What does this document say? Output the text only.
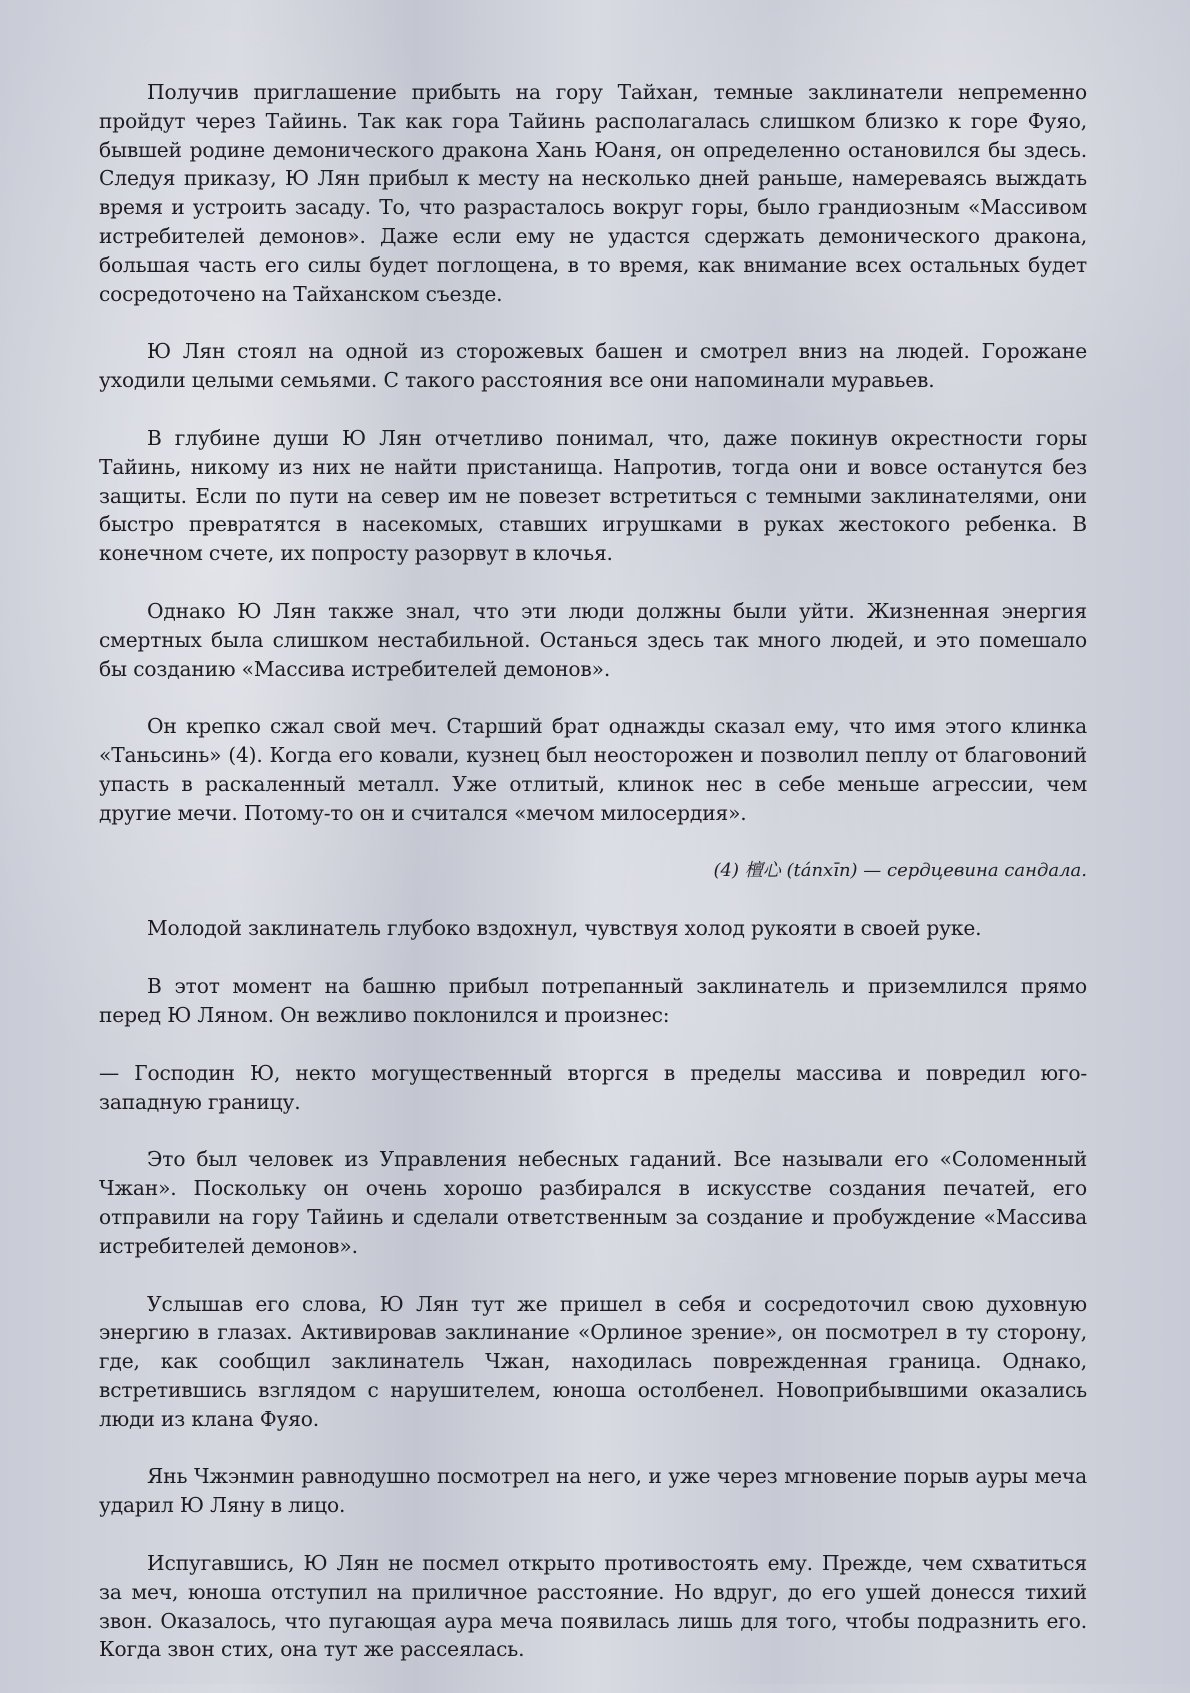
Получив приглашение прибыть на гору Тайхан, темные заклинатели непременно пройдут через Тайинь. Так как гора Тайинь располагалась слишком близко к горе Фуяо, бывшей родине демонического дракона Хань Юаня, он определенно остановился бы здесь. Следуя приказу, Ю Лян прибыл к месту на несколько дней раньше, намереваясь выждать время и устроить засаду. То, что разрасталось вокруг горы, было грандиозным «Массивом истребителей демонов». Даже если ему не удастся сдержать демонического дракона, большая часть его силы будет поглощена, в то время, как внимание всех остальных будет сосредоточено на Тайханском съезде.

Ю Лян стоял на одной из сторожевых башен и смотрел вниз на людей. Горожане уходили целыми семьями. С такого расстояния все они напоминали муравьев.

В глубине души Ю Лян отчетливо понимал, что, даже покинув окрестности горы Тайинь, никому из них не найти пристанища. Напротив, тогда они и вовсе останутся без защиты. Если по пути на север им не повезет встретиться с темными заклинателями, они быстро превратятся в насекомых, ставших игрушками в руках жестокого ребенка. В конечном счете, их попросту разорвут в клочья.

Однако Ю Лян также знал, что эти люди должны были уйти. Жизненная энергия смертных была слишком нестабильной. Останься здесь так много людей, и это помешало бы созданию «Массива истребителей демонов».

Он крепко сжал свой меч. Старший брат однажды сказал ему, что имя этого клинка «Таньсинь» (4). Когда его ковали, кузнец был неосторожен и позволил пеплу от благовоний упасть в раскаленный металл. Уже отлитый, клинок нес в себе меньше агрессии, чем другие мечи. Потому-то он и считался «мечом милосердия».

(4) 檀心 (tánxīn) — сердцевина сандала.

Молодой заклинатель глубоко вздохнул, чувствуя холод рукояти в своей руке.

В этот момент на башню прибыл потрепанный заклинатель и приземлился прямо перед Ю Ляном. Он вежливо поклонился и произнес:

— Господин Ю, некто могущественный вторгся в пределы массива и повредил юго-западную границу.

Это был человек из Управления небесных гаданий. Все называли его «Соломенный Чжан». Поскольку он очень хорошо разбирался в искусстве создания печатей, его отправили на гору Тайинь и сделали ответственным за создание и пробуждение «Массива истребителей демонов».

Услышав его слова, Ю Лян тут же пришел в себя и сосредоточил свою духовную энергию в глазах. Активировав заклинание «Орлиное зрение», он посмотрел в ту сторону, где, как сообщил заклинатель Чжан, находилась поврежденная граница. Однако, встретившись взглядом с нарушителем, юноша остолбенел. Новоприбывшими оказались люди из клана Фуяо.

Янь Чжэнмин равнодушно посмотрел на него, и уже через мгновение порыв ауры меча ударил Ю Ляну в лицо.

Испугавшись, Ю Лян не посмел открыто противостоять ему. Прежде, чем схватиться за меч, юноша отступил на приличное расстояние. Но вдруг, до его ушей донесся тихий звон. Оказалось, что пугающая аура меча появилась лишь для того, чтобы подразнить его. Когда звон стих, она тут же рассеялась.
